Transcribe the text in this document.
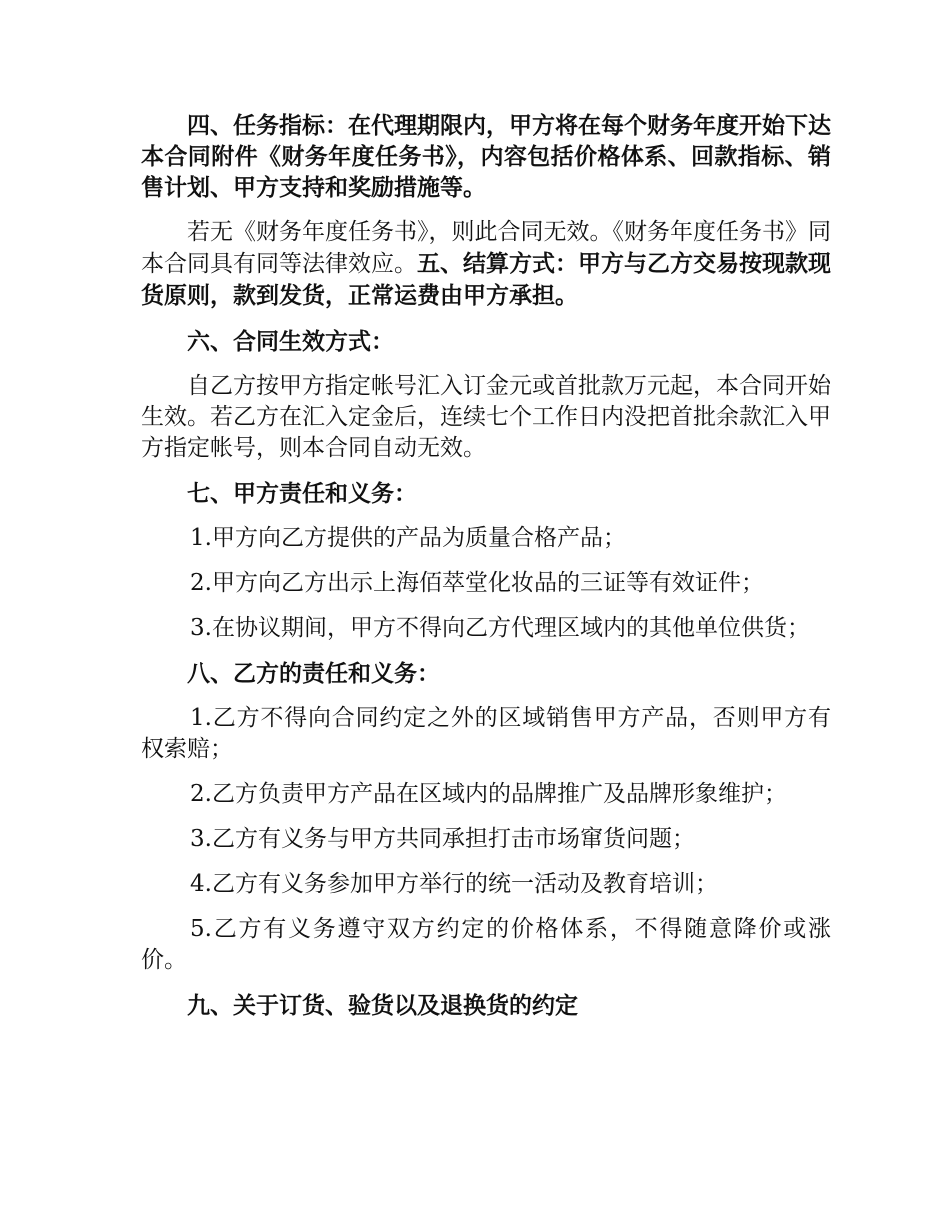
四、任务指标：在代理期限内，甲方将在每个财务年度开始下达本合同附件《财务年度任务书》，内容包括价格体系、回款指标、销售计划、甲方支持和奖励措施等。

若无《财务年度任务书》，则此合同无效。《财务年度任务书》同本合同具有同等法律效应。五、结算方式：甲方与乙方交易按现款现货原则，款到发货，正常运费由甲方承担。

六、合同生效方式：

自乙方按甲方指定帐号汇入订金元或首批款万元起，本合同开始生效。若乙方在汇入定金后，连续七个工作日内没把首批余款汇入甲方指定帐号，则本合同自动无效。

七、甲方责任和义务：

1.甲方向乙方提供的产品为质量合格产品；

2.甲方向乙方出示上海佰萃堂化妆品的三证等有效证件；

3.在协议期间，甲方不得向乙方代理区域内的其他单位供货；

八、乙方的责任和义务：

1.乙方不得向合同约定之外的区域销售甲方产品，否则甲方有权索赔；

2.乙方负责甲方产品在区域内的品牌推广及品牌形象维护；

3.乙方有义务与甲方共同承担打击市场窜货问题；

4.乙方有义务参加甲方举行的统一活动及教育培训；

5.乙方有义务遵守双方约定的价格体系，不得随意降价或涨价。

九、关于订货、验货以及退换货的约定
